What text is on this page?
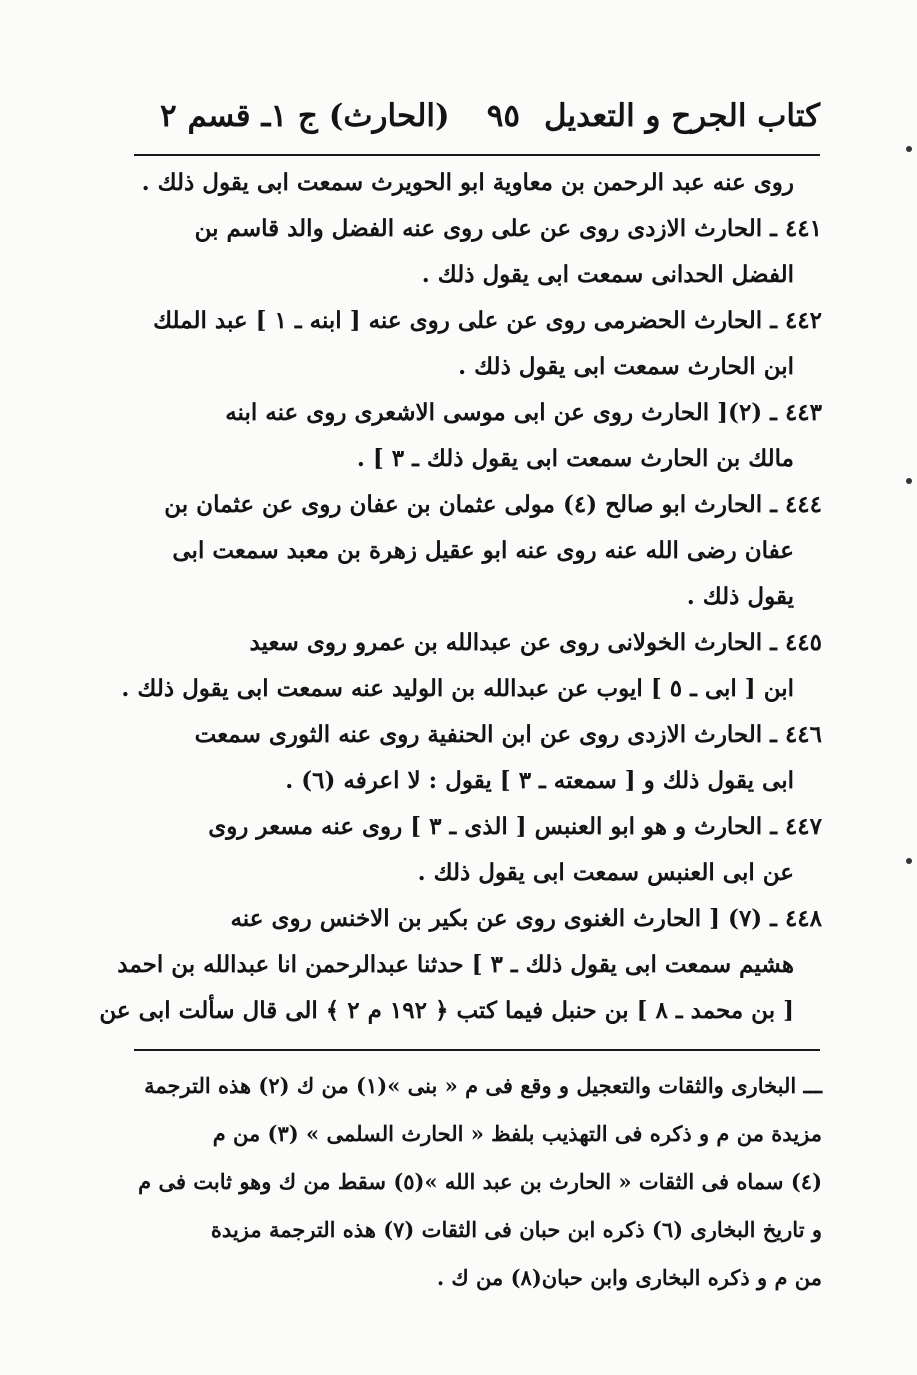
كتاب الجرح و التعديل
٩٥
(الحارث) ج ١ـ قسم ٢
روى عنه عبد الرحمن بن معاوية ابو الحويرث سمعت ابى يقول ذلك .
٤٤١ ـ الحارث الازدى روى عن على روى عنه الفضل والد قاسم بن
الفضل الحدانى سمعت ابى يقول ذلك .
٤٤٢ ـ الحارث الحضرمى روى عن على روى عنه [ ابنه ـ ١ ] عبد الملك
ابن الحارث سمعت ابى يقول ذلك .
٤٤٣ ـ (٢)[ الحارث روى عن ابى موسى الاشعرى روى عنه ابنه
مالك بن الحارث سمعت ابى يقول ذلك ـ ٣ ] .
٤٤٤ ـ الحارث ابو صالح (٤) مولى عثمان بن عفان روى عن عثمان بن
عفان رضى الله عنه روى عنه ابو عقيل زهرة بن معبد سمعت ابى
يقول ذلك .
٤٤٥ ـ الحارث الخولانى روى عن عبدالله بن عمرو روى سعيد
ابن [ ابى ـ ٥ ] ايوب عن عبدالله بن الوليد عنه سمعت ابى يقول ذلك .
٤٤٦ ـ الحارث الازدى روى عن ابن الحنفية روى عنه الثورى سمعت
ابى يقول ذلك و [ سمعته ـ ٣ ] يقول : لا اعرفه (٦) .
٤٤٧ ـ الحارث و هو ابو العنبس [ الذى ـ ٣ ] روى عنه مسعر روى
عن ابى العنبس سمعت ابى يقول ذلك .
٤٤٨ ـ (٧) [ الحارث الغنوى روى عن بكير بن الاخنس روى عنه
هشيم سمعت ابى يقول ذلك ـ ٣ ] حدثنا عبدالرحمن انا عبدالله بن احمد
[ بن محمد ـ ٨ ] بن حنبل فيما كتب ﴿ ١٩٢ م ٢ ﴾ الى قال سألت ابى عن
ـــ البخارى والثقات والتعجيل و وقع فى م « بنى »(١) من ك (٢) هذه الترجمة
مزيدة من م و ذكره فى التهذيب بلفظ « الحارث السلمى » (٣) من م
(٤) سماه فى الثقات « الحارث بن عبد الله »(٥) سقط من ك وهو ثابت فى م
و تاريخ البخارى (٦) ذكره ابن حبان فى الثقات (٧) هذه الترجمة مزيدة
من م و ذكره البخارى وابن حبان(٨) من ك .
